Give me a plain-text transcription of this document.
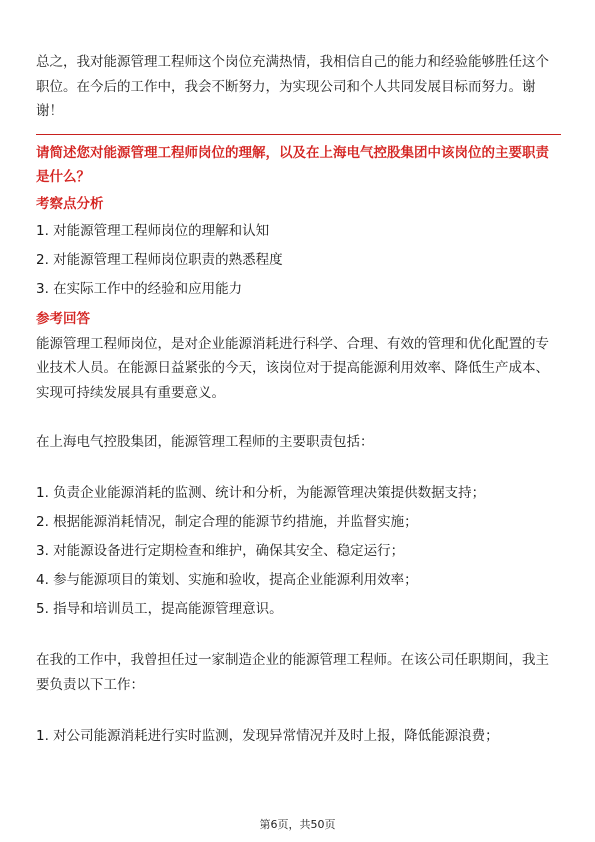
总之，我对能源管理工程师这个岗位充满热情，我相信自己的能力和经验能够胜任这个职位。在今后的工作中，我会不断努力，为实现公司和个人共同发展目标而努力。谢谢！

请简述您对能源管理工程师岗位的理解，以及在上海电气控股集团中该岗位的主要职责是什么？

考察点分析

1. 对能源管理工程师岗位的理解和认知

2. 对能源管理工程师岗位职责的熟悉程度

3. 在实际工作中的经验和应用能力

参考回答

能源管理工程师岗位，是对企业能源消耗进行科学、合理、有效的管理和优化配置的专业技术人员。在能源日益紧张的今天，该岗位对于提高能源利用效率、降低生产成本、实现可持续发展具有重要意义。

在上海电气控股集团，能源管理工程师的主要职责包括：

1. 负责企业能源消耗的监测、统计和分析，为能源管理决策提供数据支持；

2. 根据能源消耗情况，制定合理的能源节约措施，并监督实施；

3. 对能源设备进行定期检查和维护，确保其安全、稳定运行；

4. 参与能源项目的策划、实施和验收，提高企业能源利用效率；

5. 指导和培训员工，提高能源管理意识。

在我的工作中，我曾担任过一家制造企业的能源管理工程师。在该公司任职期间，我主要负责以下工作：

1. 对公司能源消耗进行实时监测，发现异常情况并及时上报，降低能源浪费；

第6页，共50页
